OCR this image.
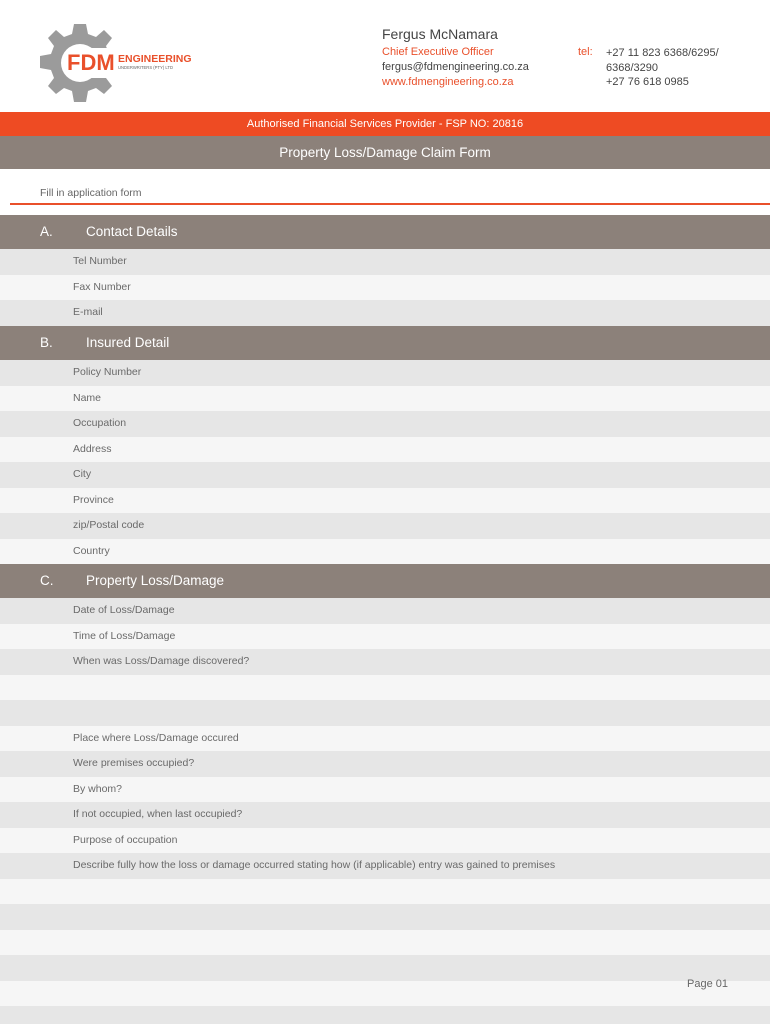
FDM ENGINEERING
UNDERWRITERS (PTY) LTD
Fergus McNamara
Chief Executive Officer
fergus@fdmengineering.co.za
www.fdmengineering.co.za
tel: +27 11 823 6368/6295/
6368/3290
+27 76 618 0985
Authorised Financial Services Provider - FSP NO: 20816
Property Loss/Damage Claim Form
Fill in application form
A. Contact Details
Tel Number
Fax Number
E-mail
B. Insured Detail
Policy Number
Name
Occupation
Address
City
Province
zip/Postal code
Country
C. Property Loss/Damage
Date of Loss/Damage
Time of Loss/Damage
When was Loss/Damage discovered?
Place where Loss/Damage occured
Were premises occupied?
By whom?
If not occupied, when last occupied?
Purpose of occupation
Describe fully how the loss or damage occurred stating how (if applicable) entry was gained to premises
Page 01
